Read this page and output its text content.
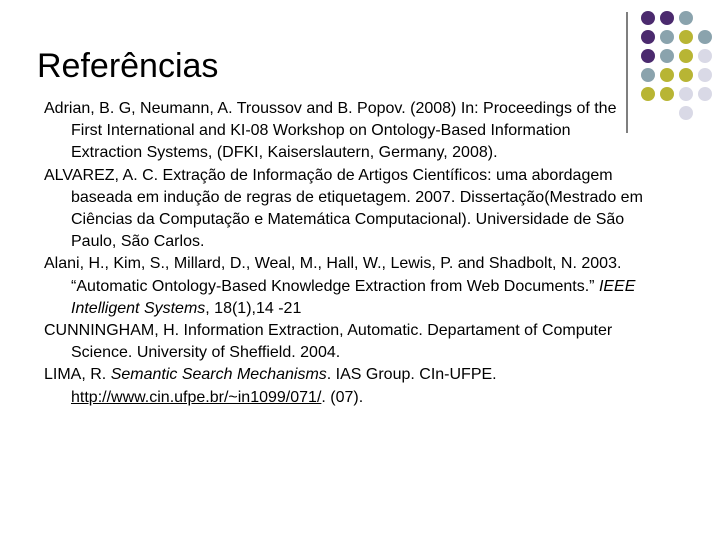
Referências

Adrian, B. G, Neumann, A. Troussov and B. Popov. (2008) In: Proceedings of the First International and KI-08 Workshop on Ontology-Based Information Extraction Systems, (DFKI, Kaiserslautern, Germany, 2008).

ALVAREZ, A. C. Extração de Informação de Artigos Científicos: uma abordagem baseada em indução de regras de etiquetagem. 2007. Dissertação(Mestrado em Ciências da Computação e Matemática Computacional). Universidade de São Paulo, São Carlos.

Alani, H., Kim, S., Millard, D., Weal, M., Hall, W., Lewis, P. and Shadbolt, N. 2003. “Automatic Ontology-Based Knowledge Extraction from Web Documents.” IEEE Intelligent Systems, 18(1),14 -21

CUNNINGHAM, H. Information Extraction, Automatic. Departament of Computer Science. University of Sheffield. 2004.

LIMA, R. Semantic Search Mechanisms. IAS Group. CIn-UFPE. http://www.cin.ufpe.br/~in1099/071/. (07).
